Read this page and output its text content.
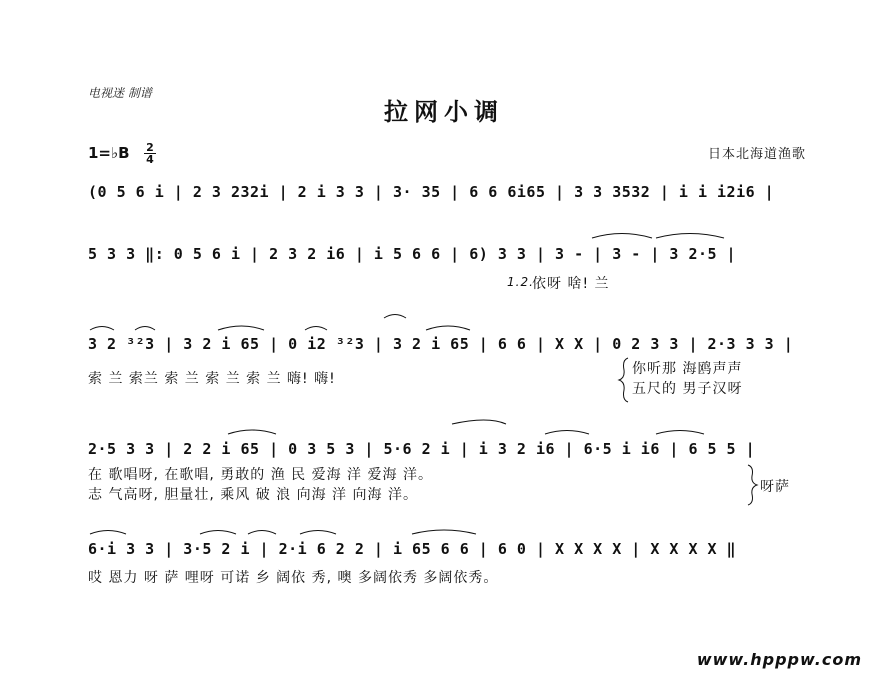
电视迷 制谱
拉网小调
1=♭B 2
4	日本北海道渔歌
(0 5 6 i | 2 3 232i | 2 i 3 3 | 3· 35 | 6 6 6i65 | 3 3 3532 | i i i2i6 |
5 3 3 ‖: 0 5 6 i | 2 3 2 i6 | i 5 6 6 | 6) 3 3 | 3 - | 3 - | 3 2·5 |
1.2.
依呀 啥! 兰
3 2 ³²3 | 3 2 i 65 | 0 i2 ³²3 | 3 2 i 65 | 6 6 | X X | 0 2 3 3 | 2·3 3 3 |
索 兰 索兰 索 兰 索 兰 索 兰 嗨! 嗨!
你听那 海鸥声声
五尺的 男子汉呀
2·5 3 3 | 2 2 i 65 | 0 3 5 3 | 5·6 2 i | i 3 2 i6 | 6·5 i i6 | 6 5 5 |
在 歌唱呀, 在歌唱, 勇敢的 渔 民 爱海 洋 爱海 洋。
志 气高呀, 胆量壮, 乘风 破 浪 向海 洋 向海 洋。	呀萨
6·i 3 3 | 3·5 2 i | 2·i 6 2 2 | i 65 6 6 | 6 0 | X X X X | X X X X ‖
哎 恩力 呀 萨 哩呀 可诺 乡 阔依 秀, 噢 多阔依秀 多阔依秀。
www.hpppw.com
